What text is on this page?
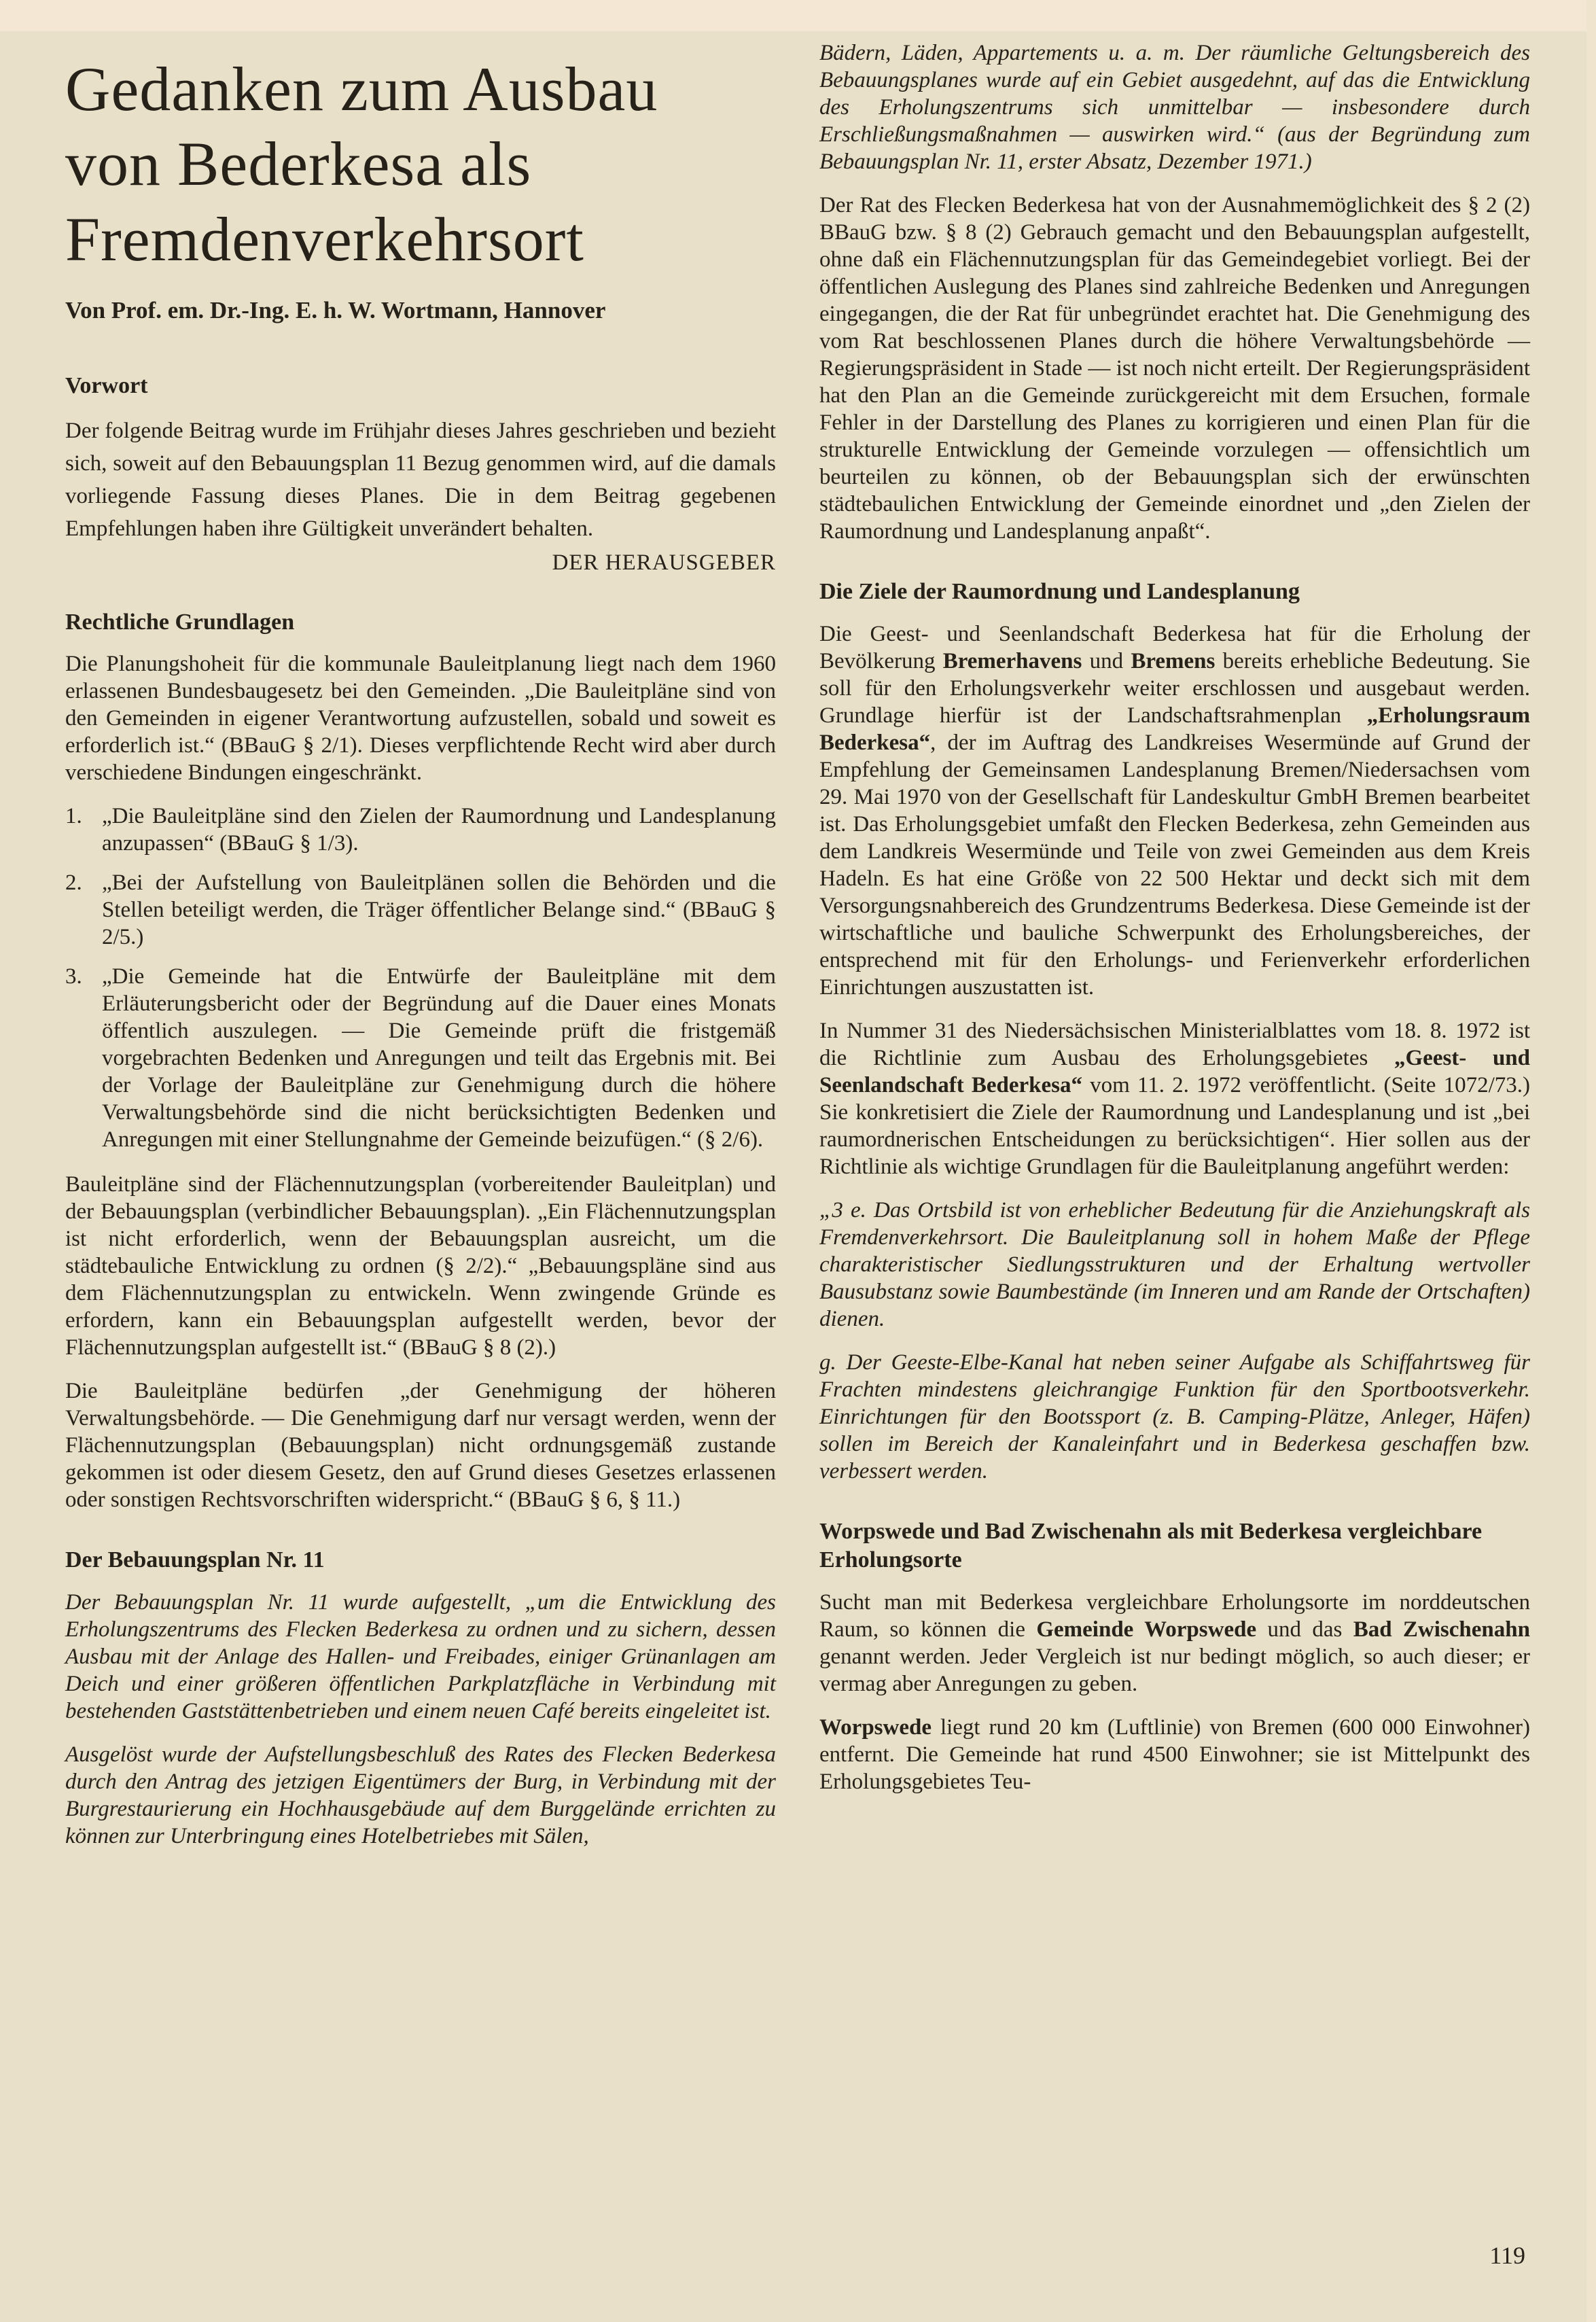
Gedanken zum Ausbau
von Bederkesa als
Fremdenverkehrsort

Von Prof. em. Dr.-Ing. E. h. W. Wortmann, Hannover

Vorwort

Der folgende Beitrag wurde im Frühjahr dieses Jahres geschrieben und bezieht sich, soweit auf den Bebauungsplan 11 Bezug genommen wird, auf die damals vorliegende Fassung dieses Planes. Die in dem Beitrag gegebenen Empfehlungen haben ihre Gültigkeit unverändert behalten.

DER HERAUSGEBER

Rechtliche Grundlagen

Die Planungshoheit für die kommunale Bauleitplanung liegt nach dem 1960 erlassenen Bundesbaugesetz bei den Gemeinden. „Die Bauleitpläne sind von den Gemeinden in eigener Verantwortung aufzustellen, sobald und soweit es erforderlich ist.“ (BBauG § 2/1). Dieses verpflichtende Recht wird aber durch verschiedene Bindungen eingeschränkt.

1. „Die Bauleitpläne sind den Zielen der Raumordnung und Landesplanung anzupassen“ (BBauG § 1/3).
2. „Bei der Aufstellung von Bauleitplänen sollen die Behörden und die Stellen beteiligt werden, die Träger öffentlicher Belange sind.“ (BBauG § 2/5.)
3. „Die Gemeinde hat die Entwürfe der Bauleitpläne mit dem Erläuterungsbericht oder der Begründung auf die Dauer eines Monats öffentlich auszulegen. — Die Gemeinde prüft die fristgemäß vorgebrachten Bedenken und Anregungen und teilt das Ergebnis mit. Bei der Vorlage der Bauleitpläne zur Genehmigung durch die höhere Verwaltungsbehörde sind die nicht berücksichtigten Bedenken und Anregungen mit einer Stellungnahme der Gemeinde beizufügen.“ (§ 2/6).

Bauleitpläne sind der Flächennutzungsplan (vorbereitender Bauleitplan) und der Bebauungsplan (verbindlicher Bebauungsplan). „Ein Flächennutzungsplan ist nicht erforderlich, wenn der Bebauungsplan ausreicht, um die städtebauliche Entwicklung zu ordnen (§ 2/2).“ „Bebauungspläne sind aus dem Flächennutzungsplan zu entwickeln. Wenn zwingende Gründe es erfordern, kann ein Bebauungsplan aufgestellt werden, bevor der Flächennutzungsplan aufgestellt ist.“ (BBauG § 8 (2).)

Die Bauleitpläne bedürfen „der Genehmigung der höheren Verwaltungsbehörde. — Die Genehmigung darf nur versagt werden, wenn der Flächennutzungsplan (Bebauungsplan) nicht ordnungsgemäß zustande gekommen ist oder diesem Gesetz, den auf Grund dieses Gesetzes erlassenen oder sonstigen Rechtsvorschriften widerspricht.“ (BBauG § 6, § 11.)

Der Bebauungsplan Nr. 11

Der Bebauungsplan Nr. 11 wurde aufgestellt, „um die Entwicklung des Erholungszentrums des Flecken Bederkesa zu ordnen und zu sichern, dessen Ausbau mit der Anlage des Hallen- und Freibades, einiger Grünanlagen am Deich und einer größeren öffentlichen Parkplatzfläche in Verbindung mit bestehenden Gaststättenbetrieben und einem neuen Café bereits eingeleitet ist.

Ausgelöst wurde der Aufstellungsbeschluß des Rates des Flecken Bederkesa durch den Antrag des jetzigen Eigentümers der Burg, in Verbindung mit der Burgrestaurierung ein Hochhausgebäude auf dem Burggelände errichten zu können zur Unterbringung eines Hotelbetriebes mit Sälen,

Bädern, Läden, Appartements u. a. m. Der räumliche Geltungsbereich des Bebauungsplanes wurde auf ein Gebiet ausgedehnt, auf das die Entwicklung des Erholungszentrums sich unmittelbar — insbesondere durch Erschließungsmaßnahmen — auswirken wird.“ (aus der Begründung zum Bebauungsplan Nr. 11, erster Absatz, Dezember 1971.)

Der Rat des Flecken Bederkesa hat von der Ausnahmemöglichkeit des § 2 (2) BBauG bzw. § 8 (2) Gebrauch gemacht und den Bebauungsplan aufgestellt, ohne daß ein Flächennutzungsplan für das Gemeindegebiet vorliegt. Bei der öffentlichen Auslegung des Planes sind zahlreiche Bedenken und Anregungen eingegangen, die der Rat für unbegründet erachtet hat. Die Genehmigung des vom Rat beschlossenen Planes durch die höhere Verwaltungsbehörde — Regierungspräsident in Stade — ist noch nicht erteilt. Der Regierungspräsident hat den Plan an die Gemeinde zurückgereicht mit dem Ersuchen, formale Fehler in der Darstellung des Planes zu korrigieren und einen Plan für die strukturelle Entwicklung der Gemeinde vorzulegen — offensichtlich um beurteilen zu können, ob der Bebauungsplan sich der erwünschten städtebaulichen Entwicklung der Gemeinde einordnet und „den Zielen der Raumordnung und Landesplanung anpaßt“.

Die Ziele der Raumordnung und Landesplanung

Die Geest- und Seenlandschaft Bederkesa hat für die Erholung der Bevölkerung Bremerhavens und Bremens bereits erhebliche Bedeutung. Sie soll für den Erholungsverkehr weiter erschlossen und ausgebaut werden. Grundlage hierfür ist der Landschaftsrahmenplan „Erholungsraum Bederkesa“, der im Auftrag des Landkreises Wesermünde auf Grund der Empfehlung der Gemeinsamen Landesplanung Bremen/Niedersachsen vom 29. Mai 1970 von der Gesellschaft für Landeskultur GmbH Bremen bearbeitet ist. Das Erholungsgebiet umfaßt den Flecken Bederkesa, zehn Gemeinden aus dem Landkreis Wesermünde und Teile von zwei Gemeinden aus dem Kreis Hadeln. Es hat eine Größe von 22 500 Hektar und deckt sich mit dem Versorgungsnahbereich des Grundzentrums Bederkesa. Diese Gemeinde ist der wirtschaftliche und bauliche Schwerpunkt des Erholungsbereiches, der entsprechend mit für den Erholungs- und Ferienverkehr erforderlichen Einrichtungen auszustatten ist.

In Nummer 31 des Niedersächsischen Ministerialblattes vom 18. 8. 1972 ist die Richtlinie zum Ausbau des Erholungsgebietes „Geest- und Seenlandschaft Bederkesa“ vom 11. 2. 1972 veröffentlicht. (Seite 1072/73.) Sie konkretisiert die Ziele der Raumordnung und Landesplanung und ist „bei raumordnerischen Entscheidungen zu berücksichtigen“. Hier sollen aus der Richtlinie als wichtige Grundlagen für die Bauleitplanung angeführt werden:

„3 e. Das Ortsbild ist von erheblicher Bedeutung für die Anziehungskraft als Fremdenverkehrsort. Die Bauleitplanung soll in hohem Maße der Pflege charakteristischer Siedlungsstrukturen und der Erhaltung wertvoller Bausubstanz sowie Baumbestände (im Inneren und am Rande der Ortschaften) dienen.

g. Der Geeste-Elbe-Kanal hat neben seiner Aufgabe als Schiffahrtsweg für Frachten mindestens gleichrangige Funktion für den Sportbootsverkehr. Einrichtungen für den Bootssport (z. B. Camping-Plätze, Anleger, Häfen) sollen im Bereich der Kanaleinfahrt und in Bederkesa geschaffen bzw. verbessert werden.

Worpswede und Bad Zwischenahn als mit Bederkesa vergleichbare Erholungsorte

Sucht man mit Bederkesa vergleichbare Erholungsorte im norddeutschen Raum, so können die Gemeinde Worpswede und das Bad Zwischenahn genannt werden. Jeder Vergleich ist nur bedingt möglich, so auch dieser; er vermag aber Anregungen zu geben.

Worpswede liegt rund 20 km (Luftlinie) von Bremen (600 000 Einwohner) entfernt. Die Gemeinde hat rund 4500 Einwohner; sie ist Mittelpunkt des Erholungsgebietes Teu-

119
